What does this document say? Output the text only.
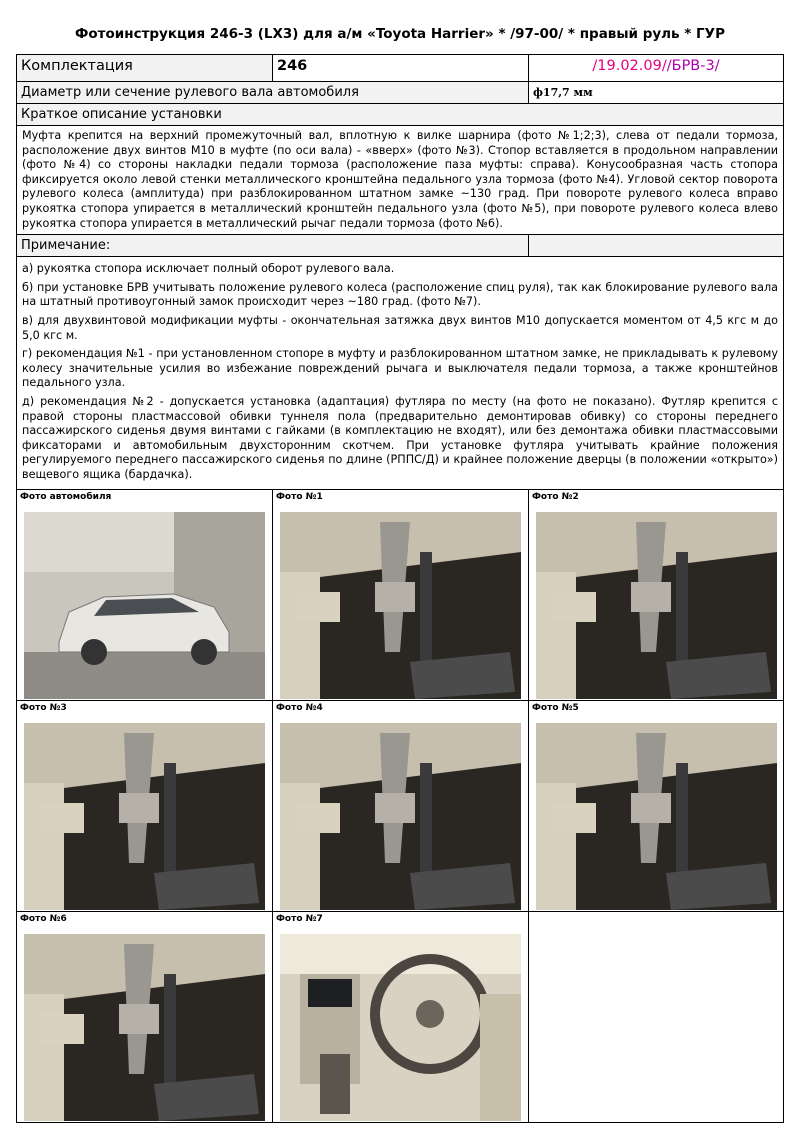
Фотоинструкция 246-3 (LX3) для а/м «Toyota Harrier» * /97-00/ * правый руль * ГУР
Комплектация	246	/19.02.09//БРВ-3/
Диаметр или сечение рулевого вала автомобиля		ф17,7 мм
Краткое описание установки		
Муфта крепится на верхний промежуточный вал, вплотную к вилке шарнира (фото №1;2;3), слева от педали тормоза, расположение двух винтов М10 в муфте (по оси вала) - «вверх» (фото №3). Стопор вставляется в продольном направлении (фото №4) со стороны накладки педали тормоза (расположение паза муфты: справа). Конусообразная часть стопора фиксируется около левой стенки металлического кронштейна педального узла тормоза (фото №4). Угловой сектор поворота рулевого колеса (амплитуда) при разблокированном штатном замке ~130 град. При повороте рулевого колеса вправо рукоятка стопора упирается в металлический кронштейн педального узла (фото №5), при повороте рулевого колеса влево рукоятка стопора упирается в металлический рычаг педали тормоза (фото №6).		
Примечание:		

а) рукоятка стопора исключает полный оборот рулевого вала.

б) при установке БРВ учитывать положение рулевого колеса (расположение спиц руля), так как блокирование рулевого вала на штатный противоугонный замок происходит через ~180 град. (фото №7).

в) для двухвинтовой модификации муфты - окончательная затяжка двух винтов М10 допускается моментом от 4,5 кгс м до 5,0 кгс м.

г) рекомендация №1 - при установленном стопоре в муфту и разблокированном штатном замке, не прикладывать к рулевому колесу значительные усилия во избежание повреждений рычага и выключателя педали тормоза, а также кронштейнов педального узла.

д) рекомендация №2 - допускается установка (адаптация) футляра по месту (на фото не показано). Футляр крепится с правой стороны пластмассовой обивки туннеля пола (предварительно демонтировав обивку) со стороны переднего пассажирского сиденья двумя винтами с гайками (в комплектацию не входят), или без демонтажа обивки пластмассовыми фиксаторами и автомобильным двухсторонним скотчем. При установке футляра учитывать крайние положения регулируемого переднего пассажирского сиденья по длине (РППС/Д) и крайнее положение дверцы (в положении «открыто») вещевого ящика (бардачка).		

Фото автомобиля	Фото №1	Фото №2

Фото №3	Фото №4	Фото №5

Фото №6	Фото №7	
